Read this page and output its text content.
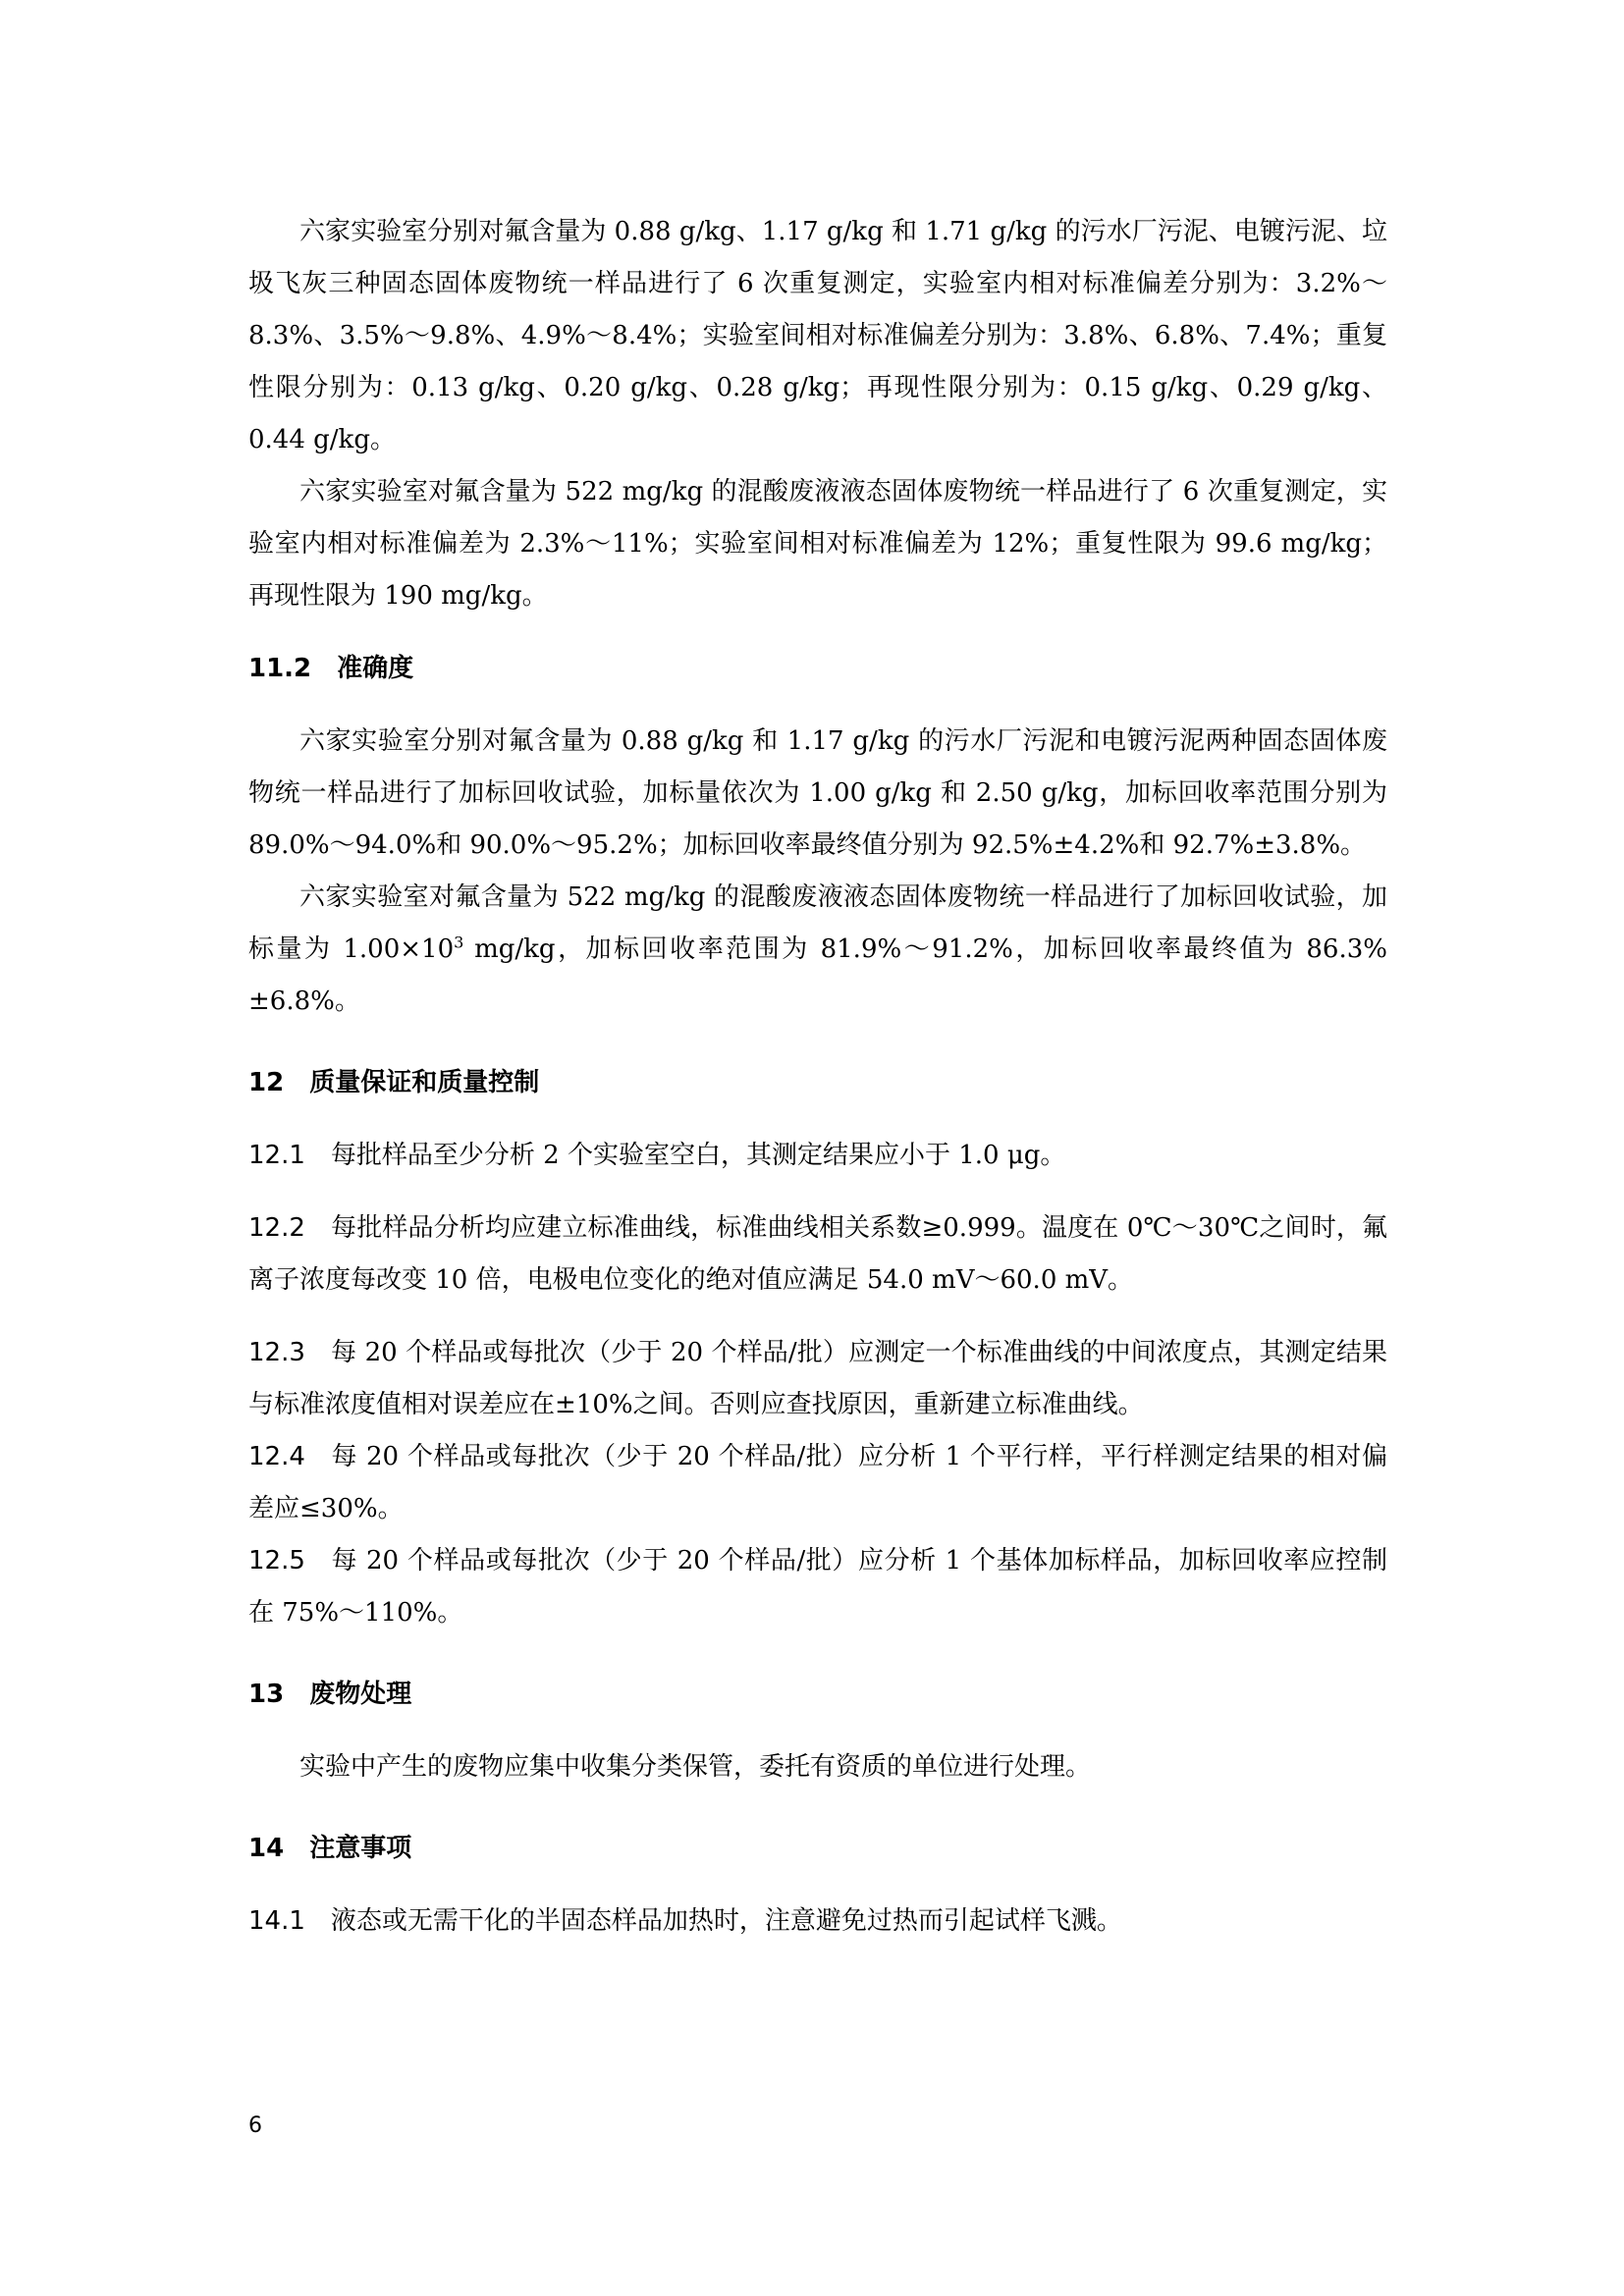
六家实验室分别对氟含量为 0.88 g/kg、1.17 g/kg 和 1.71 g/kg 的污水厂污泥、电镀污泥、垃圾飞灰三种固态固体废物统一样品进行了 6 次重复测定，实验室内相对标准偏差分别为：3.2%～8.3%、3.5%～9.8%、4.9%～8.4%；实验室间相对标准偏差分别为：3.8%、6.8%、7.4%；重复性限分别为：0.13 g/kg、0.20 g/kg、0.28 g/kg；再现性限分别为：0.15 g/kg、0.29 g/kg、0.44 g/kg。

六家实验室对氟含量为 522 mg/kg 的混酸废液液态固体废物统一样品进行了 6 次重复测定，实验室内相对标准偏差为 2.3%～11%；实验室间相对标准偏差为 12%；重复性限为 99.6 mg/kg；再现性限为 190 mg/kg。

11.2 准确度

六家实验室分别对氟含量为 0.88 g/kg 和 1.17 g/kg 的污水厂污泥和电镀污泥两种固态固体废物统一样品进行了加标回收试验，加标量依次为 1.00 g/kg 和 2.50 g/kg，加标回收率范围分别为 89.0%～94.0%和 90.0%～95.2%；加标回收率最终值分别为 92.5%±4.2%和 92.7%±3.8%。

六家实验室对氟含量为 522 mg/kg 的混酸废液液态固体废物统一样品进行了加标回收试验，加标量为 $1.00\times 10^3$ mg/kg，加标回收率范围为 81.9%～91.2%，加标回收率最终值为 86.3%±6.8%。

12 质量保证和质量控制

12.1 每批样品至少分析 2 个实验室空白，其测定结果应小于 1.0 μg。

12.2 每批样品分析均应建立标准曲线，标准曲线相关系数≥0.999。温度在 0℃～30℃之间时，氟离子浓度每改变 10 倍，电极电位变化的绝对值应满足 54.0 mV～60.0 mV。

12.3 每 20 个样品或每批次（少于 20 个样品/批）应测定一个标准曲线的中间浓度点，其测定结果与标准浓度值相对误差应在±10%之间。否则应查找原因，重新建立标准曲线。

12.4 每 20 个样品或每批次（少于 20 个样品/批）应分析 1 个平行样，平行样测定结果的相对偏差应≤30%。

12.5 每 20 个样品或每批次（少于 20 个样品/批）应分析 1 个基体加标样品，加标回收率应控制在 75%～110%。

13 废物处理

实验中产生的废物应集中收集分类保管，委托有资质的单位进行处理。

14 注意事项

14.1 液态或无需干化的半固态样品加热时，注意避免过热而引起试样飞溅。

6
